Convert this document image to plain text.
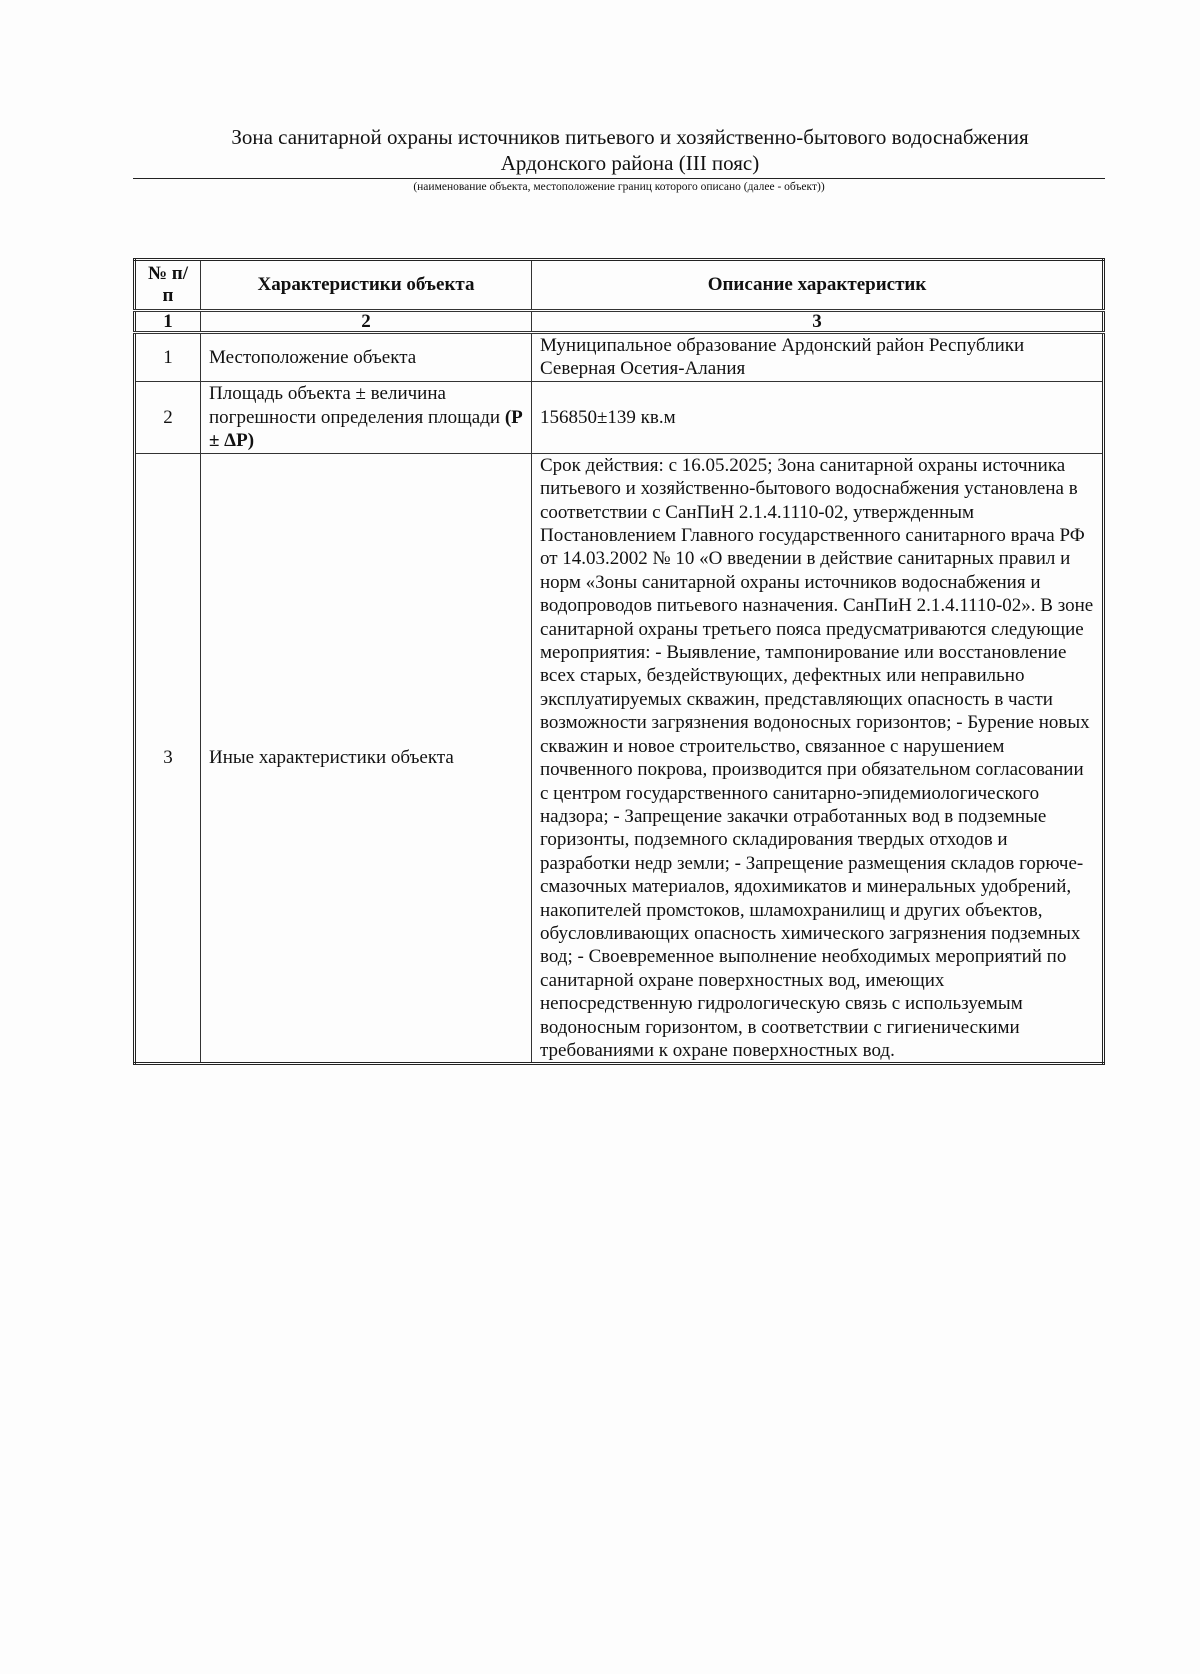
Зона санитарной охраны источников питьевого и хозяйственно-бытового водоснабжения
Ардонского района (III пояс)
(наименование объекта, местоположение границ которого описано (далее - объект))
№ п/п	Характеристики объекта	Описание характеристик
1	2	3
1	Местоположение объекта	Муниципальное образование Ардонский район Республики Северная Осетия-Алания
2	Площадь объекта ± величина погрешности определения площади (P ± ΔP)	156850±139 кв.м
3	Иные характеристики объекта	Срок действия: с 16.05.2025; Зона санитарной охраны источника питьевого и хозяйственно-бытового водоснабжения установлена в соответствии с СанПиН 2.1.4.1110-02, утвержденным Постановлением Главного государственного санитарного врача РФ от 14.03.2002 № 10 «О введении в действие санитарных правил и норм «Зоны санитарной охраны источников водоснабжения и водопроводов питьевого назначения. СанПиН 2.1.4.1110-02». В зоне санитарной охраны третьего пояса предусматриваются следующие мероприятия: - Выявление, тампонирование или восстановление всех старых, бездействующих, дефектных или неправильно эксплуатируемых скважин, представляющих опасность в части возможности загрязнения водоносных горизонтов; - Бурение новых скважин и новое строительство, связанное с нарушением почвенного покрова, производится при обязательном согласовании с центром государственного санитарно-эпидемиологического надзора; - Запрещение закачки отработанных вод в подземные горизонты, подземного складирования твердых отходов и разработки недр земли; - Запрещение размещения складов горюче-смазочных материалов, ядохимикатов и минеральных удобрений, накопителей промстоков, шламохранилищ и других объектов, обусловливающих опасность химического загрязнения подземных вод; - Своевременное выполнение необходимых мероприятий по санитарной охране поверхностных вод, имеющих непосредственную гидрологическую связь с используемым водоносным горизонтом, в соответствии с гигиеническими требованиями к охране поверхностных вод.
